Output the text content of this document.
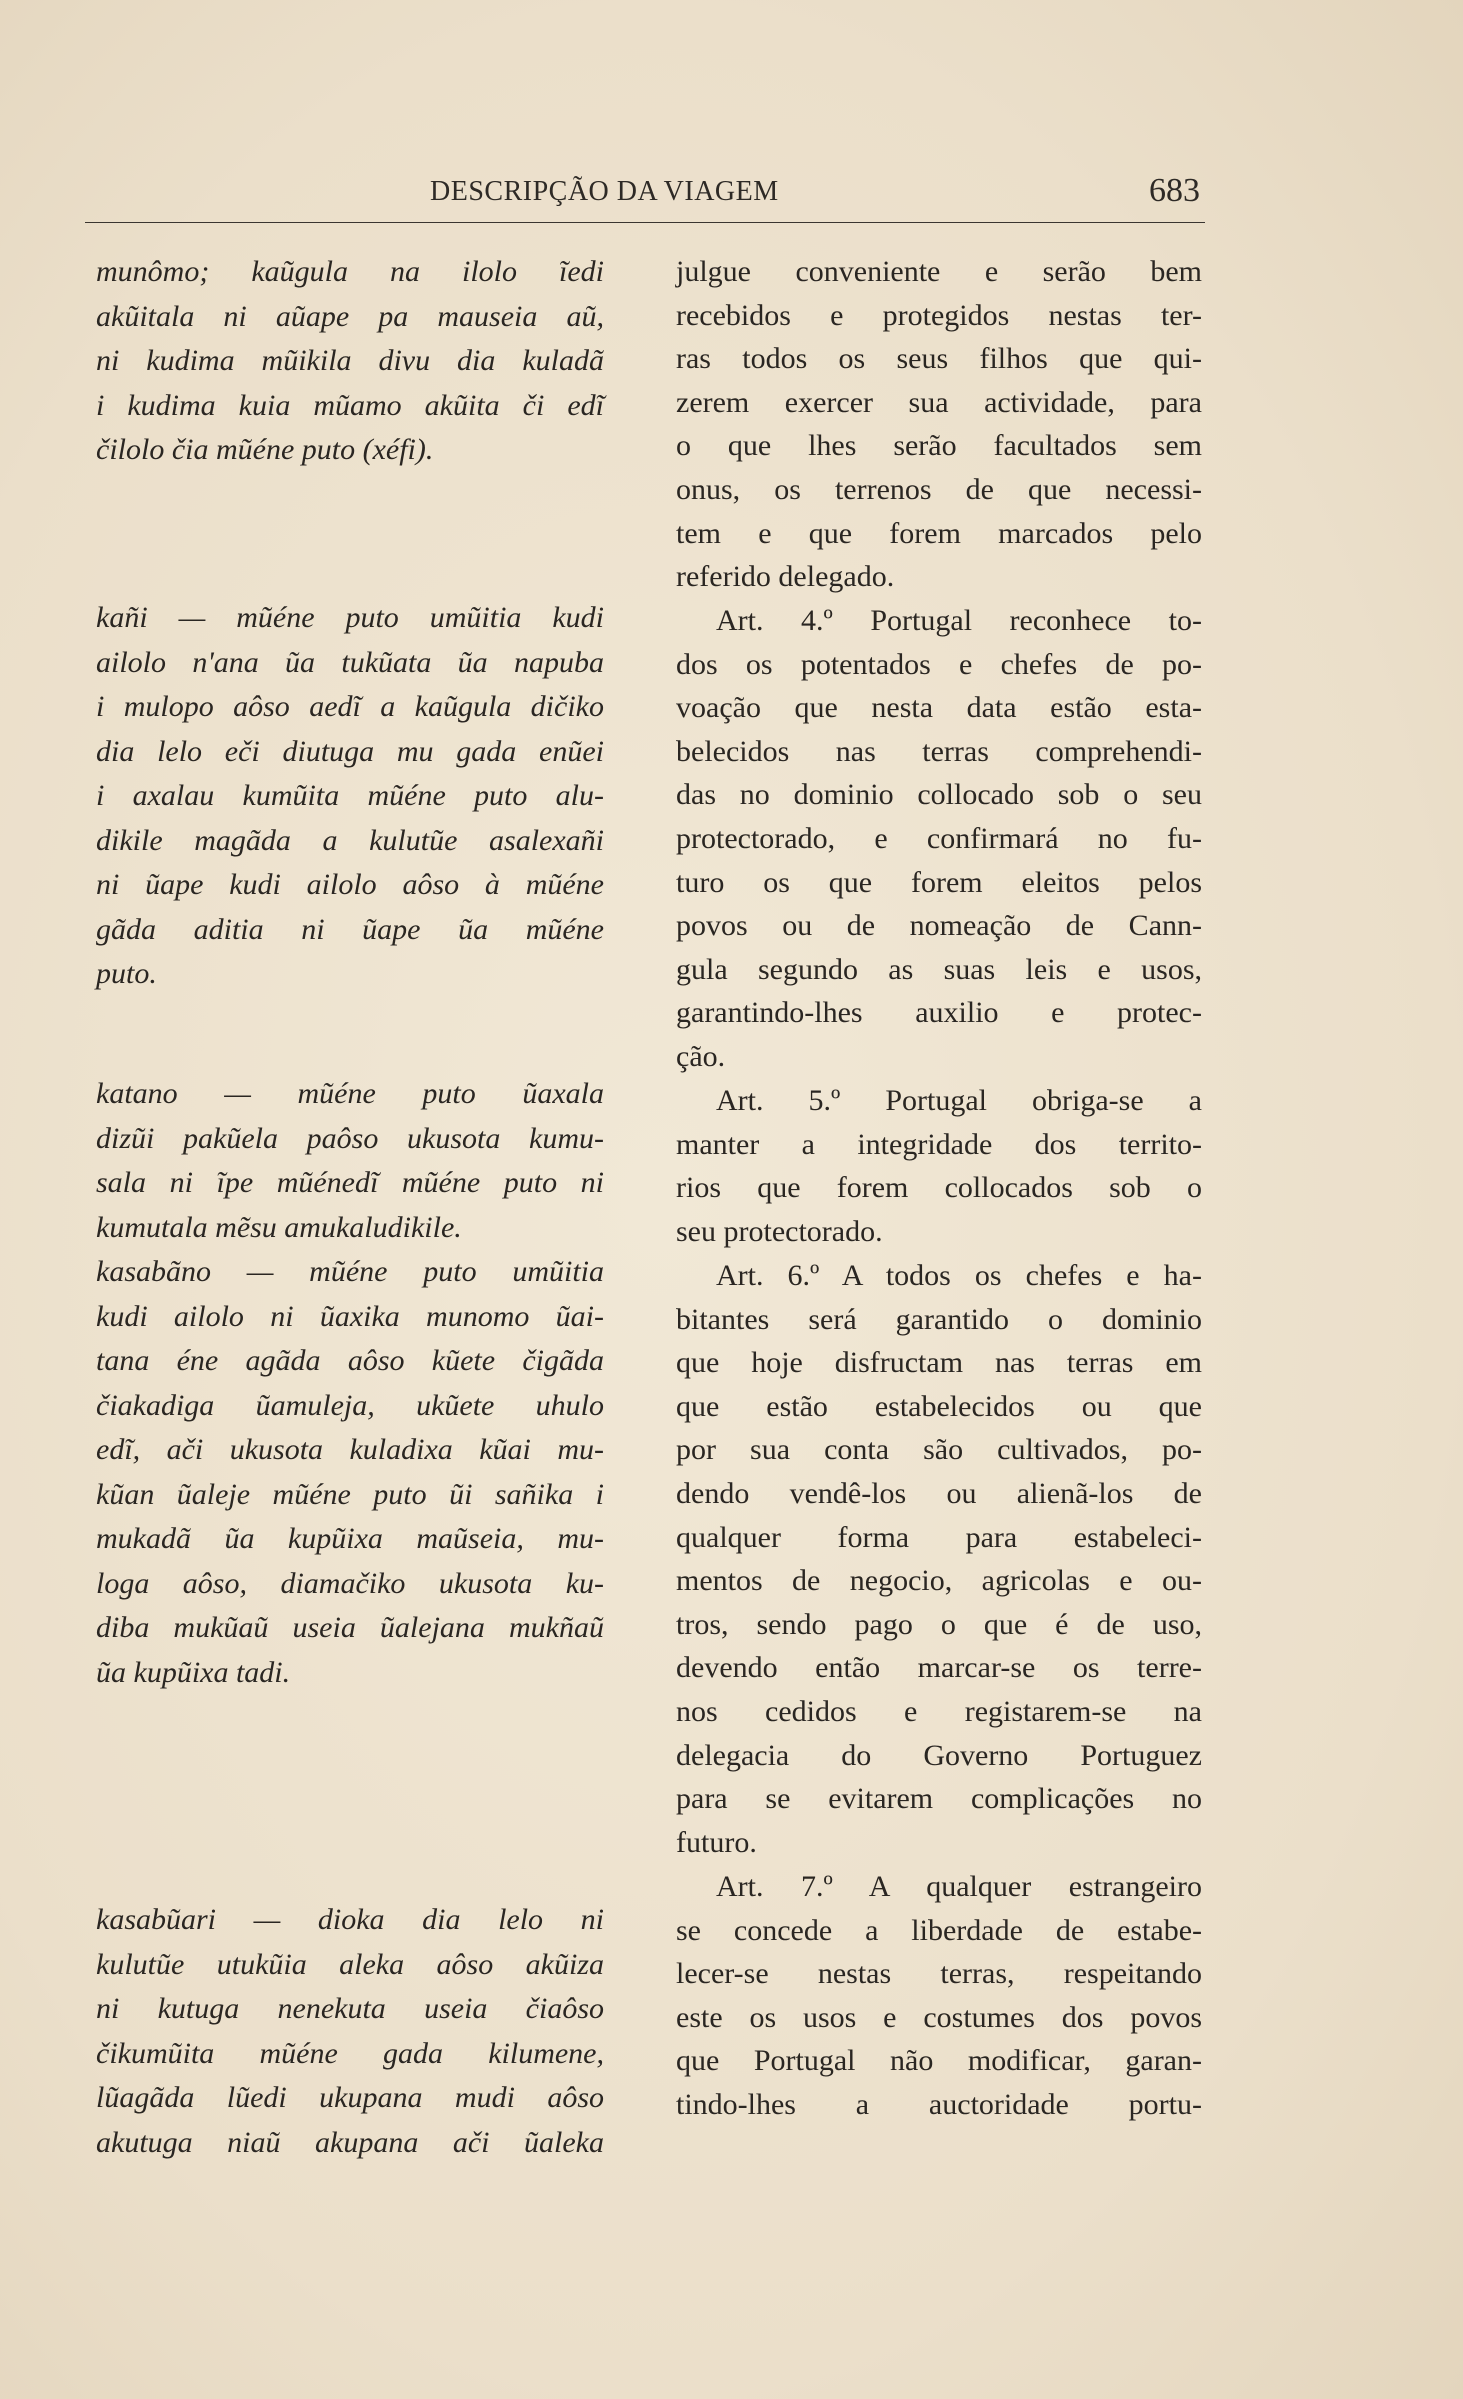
DESCRIPÇÃO DA VIAGEM	683
munômo; kaũgula na ilolo ĩedi
akũitala ni aũape pa mauseia aũ,
ni kudima mũikila divu dia kuladã
i kudima kuia mũamo akũita či edĩ
čilolo čia mũéne puto (xéfi).
kañi — mũéne puto umũitia kudi
ailolo n'ana ũa tukũata ũa napuba
i mulopo aôso aedĩ a kaũgula dičiko
dia lelo eči diutuga mu gada enũei
i axalau kumũita mũéne puto alu-
dikile magãda a kulutũe asalexañi
ni ũape kudi ailolo aôso à mũéne
gãda aditia ni ũape ũa mũéne
puto.
katano — mũéne puto ũaxala
dizũi pakũela paôso ukusota kumu-
sala ni ĩpe mũénedĩ mũéne puto ni
kumutala mẽsu amukaludikile.
kasabãno — mũéne puto umũitia
kudi ailolo ni ũaxika munomo ũai-
tana éne agãda aôso kũete čigãda
čiakadiga ũamuleja, ukũete uhulo
edĩ, ači ukusota kuladixa kũai mu-
kũan ũaleje mũéne puto ũi sañika i
mukadã ũa kupũixa maũseia, mu-
loga aôso, diamačiko ukusota ku-
diba mukũaũ useia ũalejana mukñaũ
ũa kupũixa tadi.
kasabũari — dioka dia lelo ni
kulutũe utukũia aleka aôso akũiza
ni kutuga nenekuta useia čiaôso
čikumũita mũéne gada kilumene,
lũagãda lũedi ukupana mudi aôso
akutuga niaũ akupana ači ũaleka
julgue conveniente e serão bem
recebidos e protegidos nestas ter-
ras todos os seus filhos que qui-
zerem exercer sua actividade, para
o que lhes serão facultados sem
onus, os terrenos de que necessi-
tem e que forem marcados pelo
referido delegado.
Art. 4.º Portugal reconhece to-
dos os potentados e chefes de po-
voação que nesta data estão esta-
belecidos nas terras comprehendi-
das no dominio collocado sob o seu
protectorado, e confirmará no fu-
turo os que forem eleitos pelos
povos ou de nomeação de Cann-
gula segundo as suas leis e usos,
garantindo-lhes auxilio e protec-
ção.
Art. 5.º Portugal obriga-se a
manter a integridade dos territo-
rios que forem collocados sob o
seu protectorado.
Art. 6.º A todos os chefes e ha-
bitantes será garantido o dominio
que hoje disfructam nas terras em
que estão estabelecidos ou que
por sua conta são cultivados, po-
dendo vendê-los ou alienã-los de
qualquer forma para estabeleci-
mentos de negocio, agricolas e ou-
tros, sendo pago o que é de uso,
devendo então marcar-se os terre-
nos cedidos e registarem-se na
delegacia do Governo Portuguez
para se evitarem complicações no
futuro.
Art. 7.º A qualquer estrangeiro
se concede a liberdade de estabe-
lecer-se nestas terras, respeitando
este os usos e costumes dos povos
que Portugal não modificar, garan-
tindo-lhes a auctoridade portu-
